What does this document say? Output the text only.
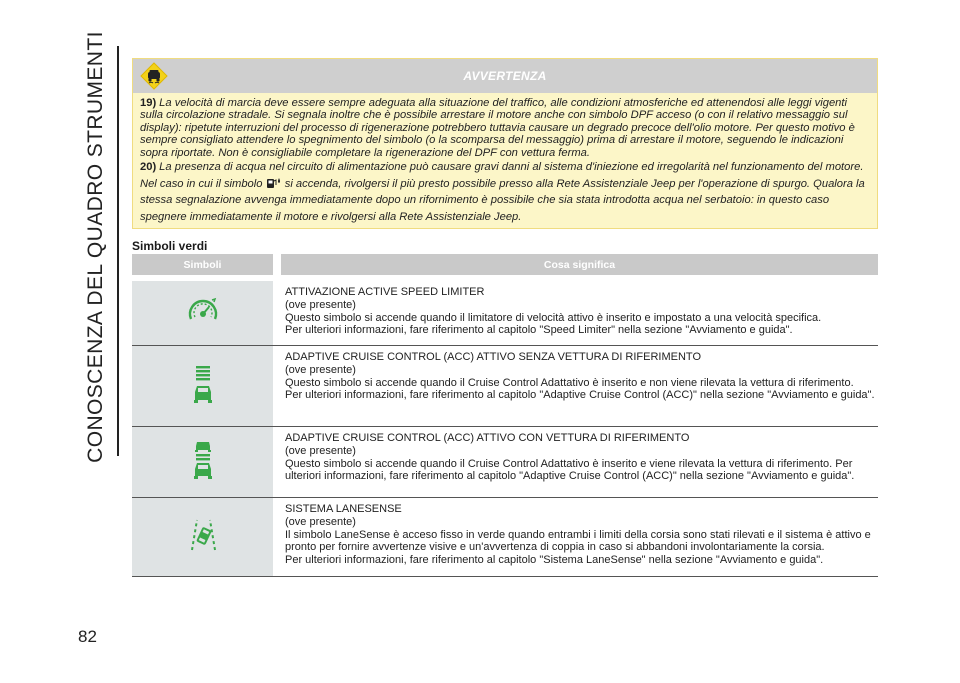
CONOSCENZA DEL QUADRO STRUMENTI
82
AVVERTENZA

19) La velocità di marcia deve essere sempre adeguata alla situazione del traffico, alle condizioni atmosferiche ed attenendosi alle leggi vigenti sulla circolazione stradale. Si segnala inoltre che è possibile arrestare il motore anche con simbolo DPF acceso (o con il relativo messaggio sul display): ripetute interruzioni del processo di rigenerazione potrebbero tuttavia causare un degrado precoce dell'olio motore. Per questo motivo è sempre consigliato attendere lo spegnimento del simbolo (o la scomparsa del messaggio) prima di arrestare il motore, seguendo le indicazioni sopra riportate. Non è consigliabile completare la rigenerazione del DPF con vettura ferma.

20) La presenza di acqua nel circuito di alimentazione può causare gravi danni al sistema d'iniezione ed irregolarità nel funzionamento del motore. Nel caso in cui il simbolo si accenda, rivolgersi il più presto possibile presso alla Rete Assistenziale Jeep per l'operazione di spurgo. Qualora la stessa segnalazione avvenga immediatamente dopo un rifornimento è possibile che sia stata introdotta acqua nel serbatoio: in questo caso spegnere immediatamente il motore e rivolgersi alla Rete Assistenziale Jeep.

Simboli verdi
Simboli	Cosa significa
ATTIVAZIONE ACTIVE SPEED LIMITER
(ove presente)
Questo simbolo si accende quando il limitatore di velocità attivo è inserito e impostato a una velocità specifica.
Per ulteriori informazioni, fare riferimento al capitolo "Speed Limiter" nella sezione "Avviamento e guida".
ADAPTIVE CRUISE CONTROL (ACC) ATTIVO SENZA VETTURA DI RIFERIMENTO
(ove presente)
Questo simbolo si accende quando il Cruise Control Adattativo è inserito e non viene rilevata la vettura di riferimento.
Per ulteriori informazioni, fare riferimento al capitolo "Adaptive Cruise Control (ACC)" nella sezione "Avviamento e guida".
ADAPTIVE CRUISE CONTROL (ACC) ATTIVO CON VETTURA DI RIFERIMENTO
(ove presente)
Questo simbolo si accende quando il Cruise Control Adattativo è inserito e viene rilevata la vettura di riferimento. Per ulteriori informazioni, fare riferimento al capitolo "Adaptive Cruise Control (ACC)" nella sezione "Avviamento e guida".
SISTEMA LANESENSE
(ove presente)
Il simbolo LaneSense è acceso fisso in verde quando entrambi i limiti della corsia sono stati rilevati e il sistema è attivo e pronto per fornire avvertenze visive e un'avvertenza di coppia in caso si abbandoni involontariamente la corsia.
Per ulteriori informazioni, fare riferimento al capitolo "Sistema LaneSense" nella sezione "Avviamento e guida".
